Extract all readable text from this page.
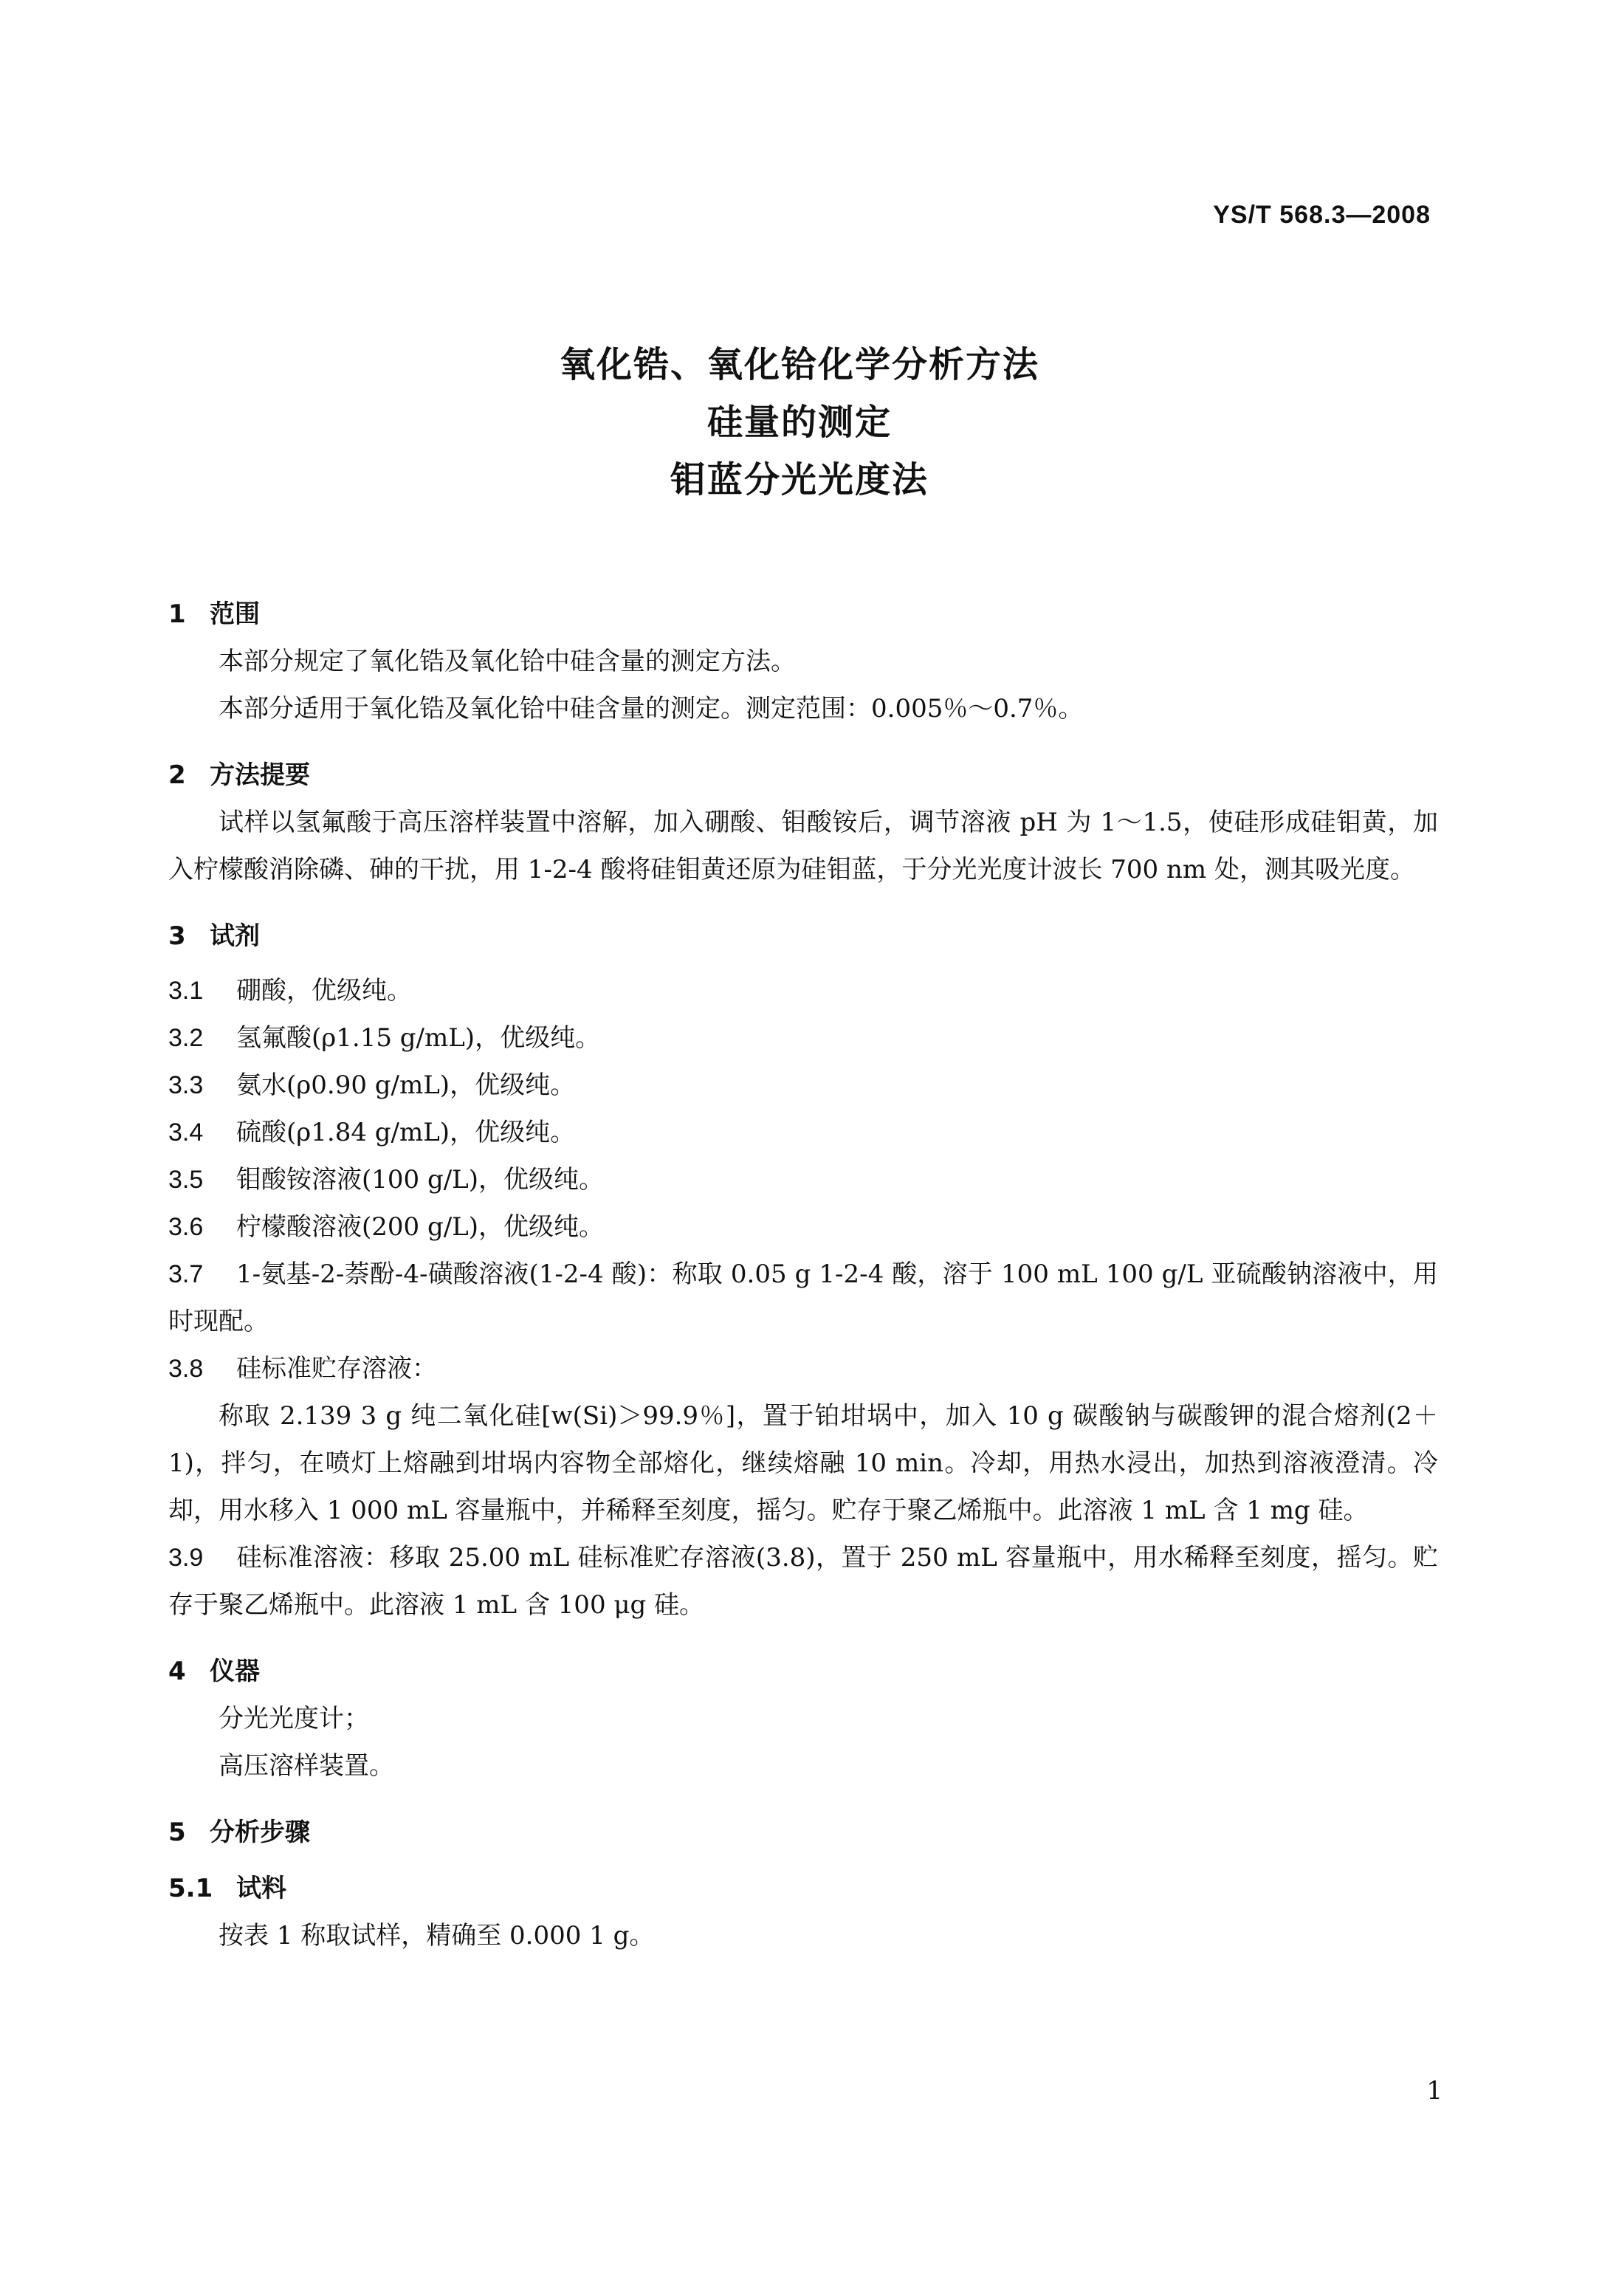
YS/T 568.3—2008
氧化锆、氧化铪化学分析方法
硅量的测定
钼蓝分光光度法
1 范围
本部分规定了氧化锆及氧化铪中硅含量的测定方法。
本部分适用于氧化锆及氧化铪中硅含量的测定。测定范围：0.005％～0.7％。
2 方法提要
试样以氢氟酸于高压溶样装置中溶解，加入硼酸、钼酸铵后，调节溶液 pH 为 1～1.5，使硅形成硅钼黄，加入柠檬酸消除磷、砷的干扰，用 1-2-4 酸将硅钼黄还原为硅钼蓝，于分光光度计波长 700 nm 处，测其吸光度。
3 试剂
3.1 硼酸，优级纯。
3.2 氢氟酸(ρ1.15 g/mL)，优级纯。
3.3 氨水(ρ0.90 g/mL)，优级纯。
3.4 硫酸(ρ1.84 g/mL)，优级纯。
3.5 钼酸铵溶液(100 g/L)，优级纯。
3.6 柠檬酸溶液(200 g/L)，优级纯。
3.7 1-氨基-2-萘酚-4-磺酸溶液(1-2-4 酸)：称取 0.05 g 1-2-4 酸，溶于 100 mL 100 g/L 亚硫酸钠溶液中，用时现配。
3.8 硅标准贮存溶液：
称取 2.139 3 g 纯二氧化硅[w(Si)＞99.9％]，置于铂坩埚中，加入 10 g 碳酸钠与碳酸钾的混合熔剂(2＋1)，拌匀，在喷灯上熔融到坩埚内容物全部熔化，继续熔融 10 min。冷却，用热水浸出，加热到溶液澄清。冷却，用水移入 1 000 mL 容量瓶中，并稀释至刻度，摇匀。贮存于聚乙烯瓶中。此溶液 1 mL 含 1 mg 硅。
3.9 硅标准溶液：移取 25.00 mL 硅标准贮存溶液(3.8)，置于 250 mL 容量瓶中，用水稀释至刻度，摇匀。贮存于聚乙烯瓶中。此溶液 1 mL 含 100 μg 硅。
4 仪器
分光光度计；
高压溶样装置。
5 分析步骤
5.1 试料
按表 1 称取试样，精确至 0.000 1 g。
1
